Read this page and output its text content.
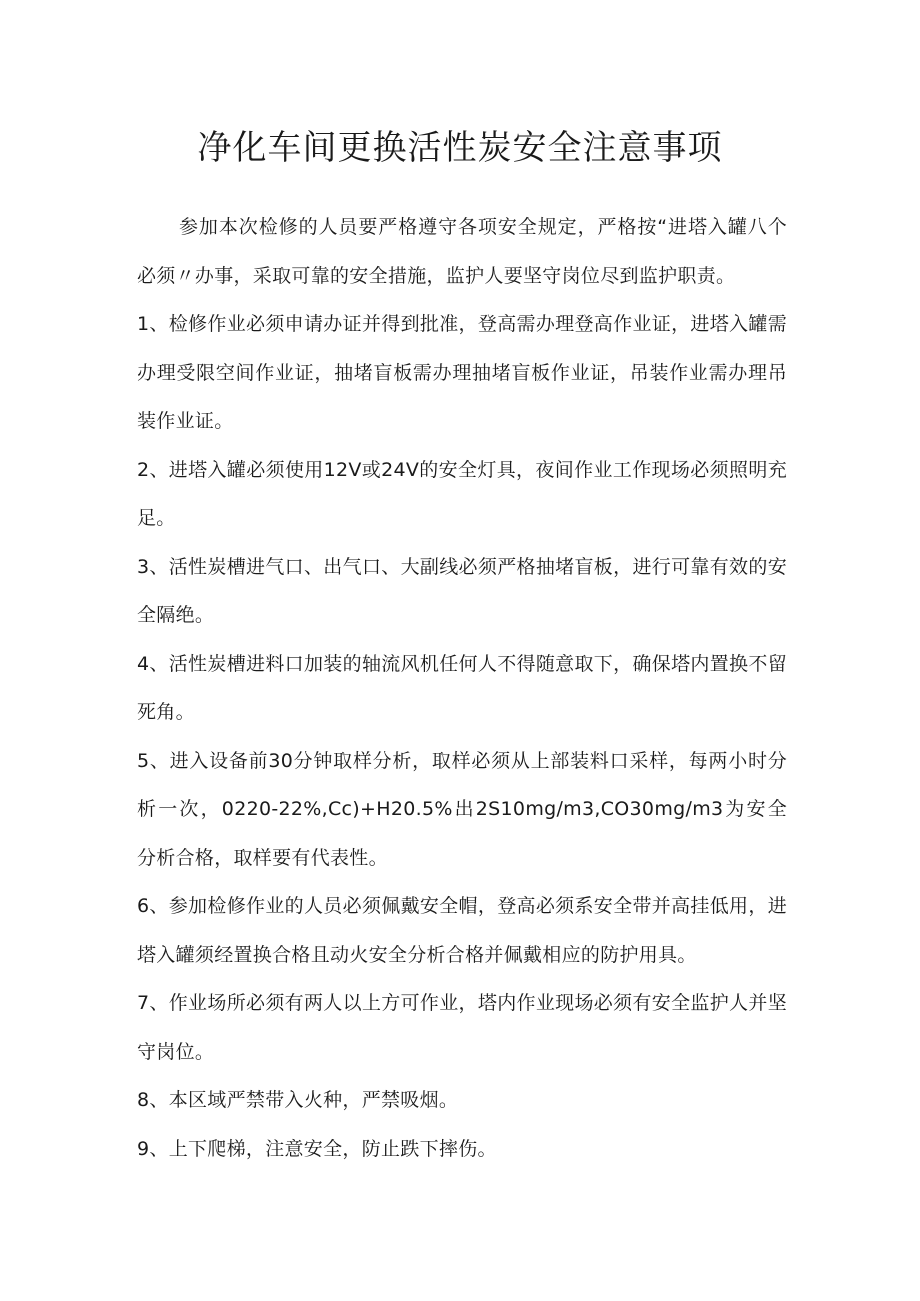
净化车间更换活性炭安全注意事项

参加本次检修的人员要严格遵守各项安全规定，严格按“进塔入罐八个必须〃办事，采取可靠的安全措施，监护人要坚守岗位尽到监护职责。

1、检修作业必须申请办证并得到批准，登高需办理登高作业证，进塔入罐需办理受限空间作业证，抽堵盲板需办理抽堵盲板作业证，吊装作业需办理吊装作业证。

2、进塔入罐必须使用12V或24V的安全灯具，夜间作业工作现场必须照明充足。

3、活性炭槽进气口、出气口、大副线必须严格抽堵盲板，进行可靠有效的安全隔绝。

4、活性炭槽进料口加装的轴流风机任何人不得随意取下，确保塔内置换不留死角。

5、进入设备前30分钟取样分析，取样必须从上部装料口采样，每两小时分析一次，0220-22%,Cc)+H20.5%出2S10mg∕m3,CO30mg∕m3为安全分析合格，取样要有代表性。

6、参加检修作业的人员必须佩戴安全帽，登高必须系安全带并高挂低用，进塔入罐须经置换合格且动火安全分析合格并佩戴相应的防护用具。

7、作业场所必须有两人以上方可作业，塔内作业现场必须有安全监护人并坚守岗位。

8、本区域严禁带入火种，严禁吸烟。

9、上下爬梯，注意安全，防止跌下摔伤。
